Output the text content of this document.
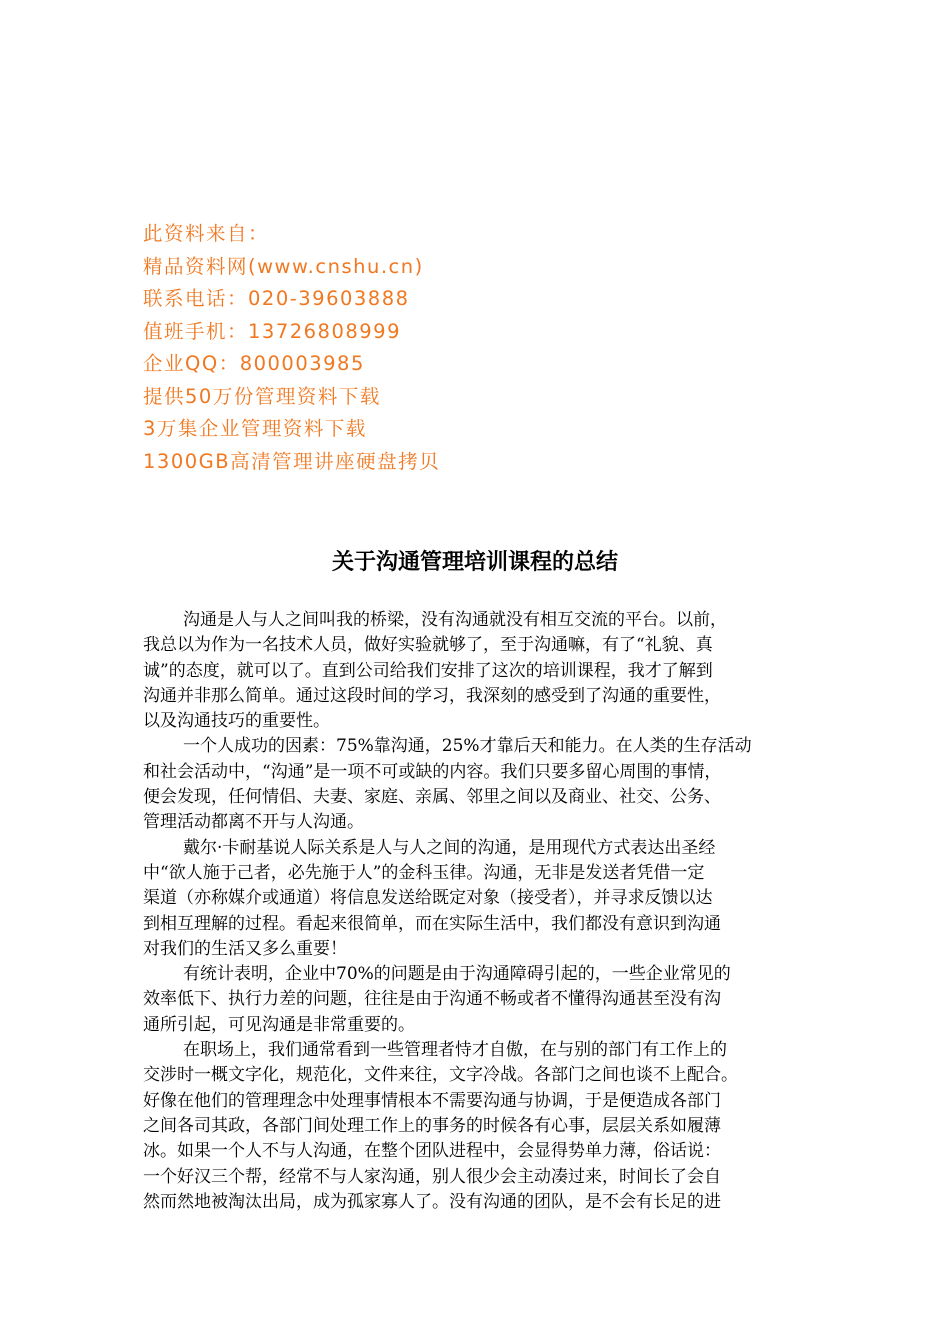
此资料来自：
精品资料网(www.cnshu.cn)
联系电话：020-39603888
值班手机：13726808999
企业QQ：800003985
提供50万份管理资料下载
3万集企业管理资料下载
1300GB高清管理讲座硬盘拷贝
关于沟通管理培训课程的总结
沟通是人与人之间叫我的桥梁，没有沟通就没有相互交流的平台。以前，
我总以为作为一名技术人员，做好实验就够了，至于沟通嘛，有了“礼貌、真
诚”的态度，就可以了。直到公司给我们安排了这次的培训课程，我才了解到
沟通并非那么简单。通过这段时间的学习，我深刻的感受到了沟通的重要性，
以及沟通技巧的重要性。
一个人成功的因素：75%靠沟通，25%才靠后天和能力。在人类的生存活动
和社会活动中，“沟通”是一项不可或缺的内容。我们只要多留心周围的事情，
便会发现，任何情侣、夫妻、家庭、亲属、邻里之间以及商业、社交、公务、
管理活动都离不开与人沟通。
戴尔·卡耐基说人际关系是人与人之间的沟通，是用现代方式表达出圣经
中“欲人施于己者，必先施于人”的金科玉律。沟通，无非是发送者凭借一定
渠道（亦称媒介或通道）将信息发送给既定对象（接受者），并寻求反馈以达
到相互理解的过程。看起来很简单，而在实际生活中，我们都没有意识到沟通
对我们的生活又多么重要！
有统计表明，企业中70%的问题是由于沟通障碍引起的，一些企业常见的
效率低下、执行力差的问题，往往是由于沟通不畅或者不懂得沟通甚至没有沟
通所引起，可见沟通是非常重要的。
在职场上，我们通常看到一些管理者恃才自傲，在与别的部门有工作上的
交涉时一概文字化，规范化，文件来往，文字冷战。各部门之间也谈不上配合。
好像在他们的管理理念中处理事情根本不需要沟通与协调，于是便造成各部门
之间各司其政，各部门间处理工作上的事务的时候各有心事，层层关系如履薄
冰。如果一个人不与人沟通，在整个团队进程中，会显得势单力薄，俗话说：
一个好汉三个帮，经常不与人家沟通，别人很少会主动凑过来，时间长了会自
然而然地被淘汰出局，成为孤家寡人了。没有沟通的团队，是不会有长足的进
